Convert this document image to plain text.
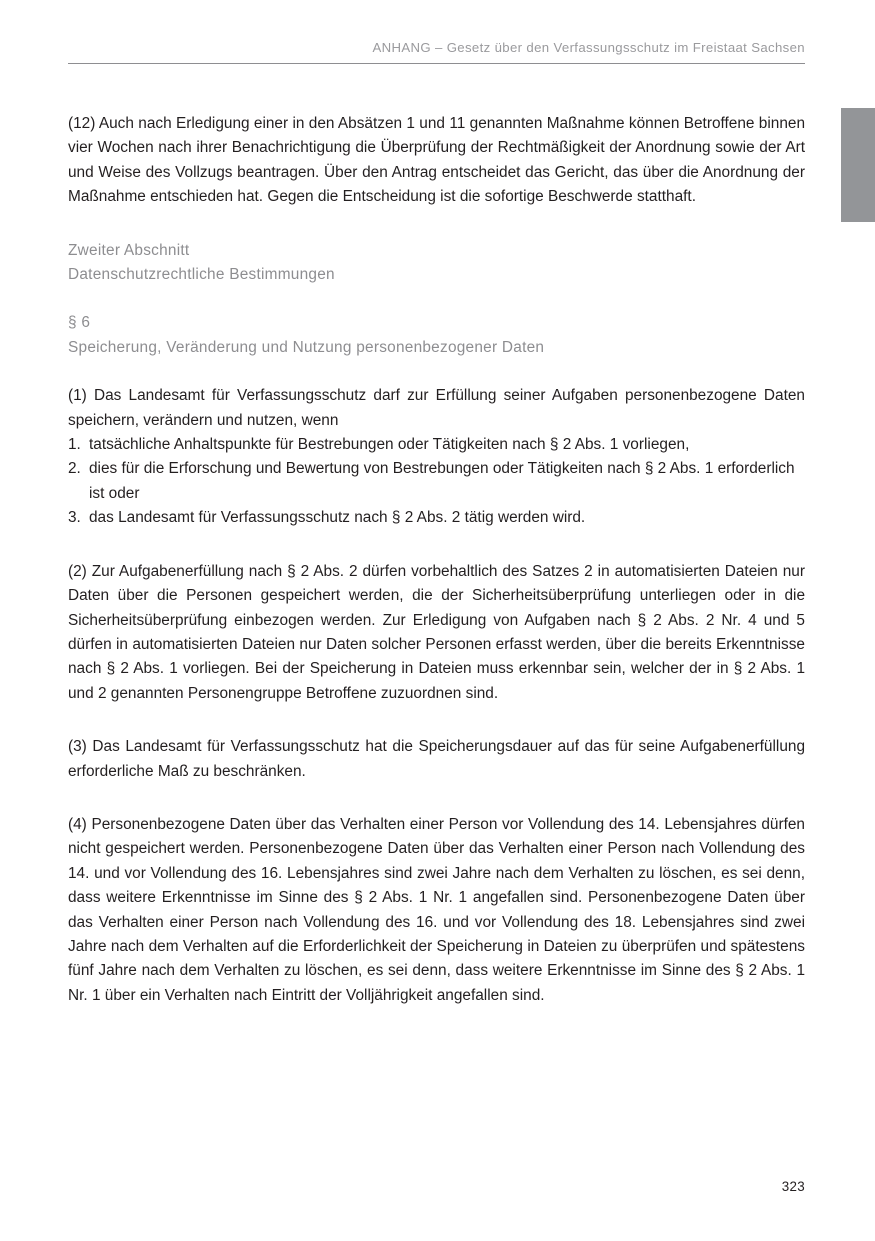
ANHANG – Gesetz über den Verfassungsschutz im Freistaat Sachsen

(12) Auch nach Erledigung einer in den Absätzen 1 und 11 genannten Maßnahme können Betroffene binnen vier Wochen nach ihrer Benachrichtigung die Überprüfung der Rechtmäßigkeit der Anordnung sowie der Art und Weise des Vollzugs beantragen. Über den Antrag entscheidet das Gericht, das über die Anordnung der Maßnahme entschieden hat. Gegen die Entscheidung ist die sofortige Beschwerde statthaft.

Zweiter Abschnitt

Datenschutzrechtliche Bestimmungen

§ 6

Speicherung, Veränderung und Nutzung personenbezogener Daten

(1) Das Landesamt für Verfassungsschutz darf zur Erfüllung seiner Aufgaben personenbezogene Daten speichern, verändern und nutzen, wenn

1. tatsächliche Anhaltspunkte für Bestrebungen oder Tätigkeiten nach § 2 Abs. 1 vorliegen,
2. dies für die Erforschung und Bewertung von Bestrebungen oder Tätigkeiten nach § 2 Abs. 1 erforderlich ist oder
3. das Landesamt für Verfassungsschutz nach § 2 Abs. 2 tätig werden wird.

(2) Zur Aufgabenerfüllung nach § 2 Abs. 2 dürfen vorbehaltlich des Satzes 2 in automatisierten Dateien nur Daten über die Personen gespeichert werden, die der Sicherheitsüberprüfung unterliegen oder in die Sicherheitsüberprüfung einbezogen werden. Zur Erledigung von Aufgaben nach § 2 Abs. 2 Nr. 4 und 5 dürfen in automatisierten Dateien nur Daten solcher Personen erfasst werden, über die bereits Erkenntnisse nach § 2 Abs. 1 vorliegen. Bei der Speicherung in Dateien muss erkennbar sein, welcher der in § 2 Abs. 1 und 2 genannten Personengruppe Betroffene zuzuordnen sind.

(3) Das Landesamt für Verfassungsschutz hat die Speicherungsdauer auf das für seine Aufgabenerfüllung erforderliche Maß zu beschränken.

(4) Personenbezogene Daten über das Verhalten einer Person vor Vollendung des 14. Lebensjahres dürfen nicht gespeichert werden. Personenbezogene Daten über das Verhalten einer Person nach Vollendung des 14. und vor Vollendung des 16. Lebensjahres sind zwei Jahre nach dem Verhalten zu löschen, es sei denn, dass weitere Erkenntnisse im Sinne des § 2 Abs. 1 Nr. 1 angefallen sind. Personenbezogene Daten über das Verhalten einer Person nach Vollendung des 16. und vor Vollendung des 18. Lebensjahres sind zwei Jahre nach dem Verhalten auf die Erforderlichkeit der Speicherung in Dateien zu überprüfen und spätestens fünf Jahre nach dem Verhalten zu löschen, es sei denn, dass weitere Erkenntnisse im Sinne des § 2 Abs. 1 Nr. 1 über ein Verhalten nach Eintritt der Volljährigkeit angefallen sind.

323
